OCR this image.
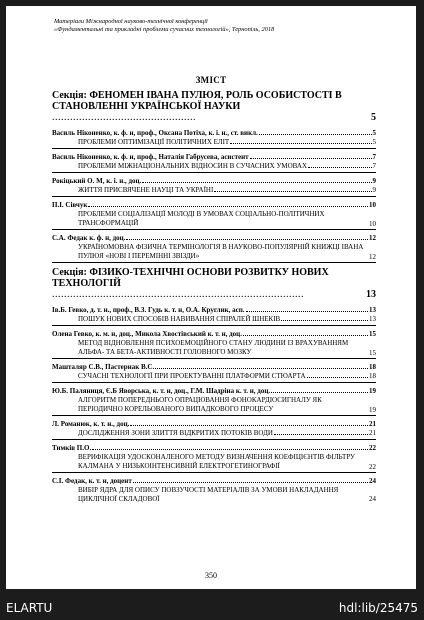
Матеріали Міжнародної науково-технічної конференції
«Фундаментальні та прикладні проблеми сучасних технологій», Тернопіль, 2018
ЗМІСТ
Секція: ФЕНОМЕН ІВАНА ПУЛЮЯ, РОЛЬ ОСОБИСТОСТІ В СТАНОВЛЕННІ УКРАЇНСЬКОЇ НАУКИ ................................................	5
Василь Ніконенко, к. ф. н, проф., Оксана Потіха, к. і. н., ст. викл.	5
ПРОБЛЕМИ ОПТИМІЗАЦІЇ ПОЛІТИЧНИХ ЕЛІТ	5
Василь Ніконенко, к. ф. н, проф., Наталія Габрусева, асистент	7
ПРОБЛЕМИ МІЖНАЦІОНАЛЬНИХ ВІДНОСИН В СУЧАСНИХ УМОВАХ	7
Рокіцький О. М, к. і. н., доц.	9
ЖИТТЯ ПРИСВЯЧЕНЕ НАУЦІ ТА УКРАЇНІ	9
П.І. Сівчук	10
ПРОБЛЕМИ СОЦІАЛІЗАЦІЇ МОЛОДІ В УМОВАХ СОЦІАЛЬНО-ПОЛІТИЧНИХ ТРАНСФОРМАЦІЙ	10
С.А. Федак к. ф. н, доц.	12
УКРАЇНОМОВНА ФІЗИЧНА ТЕРМІНОЛОГІЯ В НАУКОВО-ПОПУЛЯРНІЙ КНИЖЦІ ІВАНА ПУЛЮЯ «НОВІ І ПЕРЕМІННІ ЗВІЗДИ»	12
Секція: ФІЗИКО-ТЕХНІЧНІ ОСНОВИ РОЗВИТКУ НОВИХ ТЕХНОЛОГІЙ ....................................................................................	13
Ів.Б. Гевко, д. т. н., проф., В.З. Гудь к. т. н, О.А. Круглик, асп.	13
ПОШУК НОВИХ СПОСОБІВ НАВИВАННЯ СПІРАЛЕЙ ШНЕКІВ	13
Олена Гевко, к. м. н, доц., Микола Хвостівський к. т. н, доц.	15
МЕТОД ВІДНОВЛЕННЯ ПСИХОЕМОЦІЙНОГО СТАНУ ЛЮДИНИ ІЗ ВРАХУВАННЯМ АЛЬФА- ТА БЕТА-АКТИВНОСТІ ГОЛОВНОГО МОЗКУ	15
Машталяр С.В., Пастернак В.С.	18
СУЧАСНІ ТЕХНОЛОГІЇ ПРИ ПРОЕКТУВАННІ ПЛАТФОРМИ СТЮАРТА	18
Ю.Б. Паляниця, Є.Б Яворська, к. т. н, доц., Г.М. Шадріна к. т. н, доц.	19
АЛГОРИТМ ПОПЕРЕДНЬОГО ОПРАЦЮВАННЯ ФОНОКАРДІОСИГНАЛУ ЯК ПЕРІОДИЧНО КОРЕЛЬОВАНОГО ВИПАДКОВОГО ПРОЦЕСУ	19
Л. Романюк, к. т. н., доц.	21
ДОСЛІДЖЕННЯ ЗОНИ ЗЛИТТЯ ВІДКРИТИХ ПОТОКІВ ВОДИ	21
Тимків П.О.	22
ВЕРИФІКАЦІЯ УДОСКОНАЛЕНОГО МЕТОДУ ВИЗНАЧЕННЯ КОЕФІЦІЄНТІВ ФІЛЬТРУ КАЛМАНА У НИЗЬКОІНТЕНСИВНІЙ ЕЛЕКТРОГЕТИНОГРАФІЇ	22
С.І. Федак, к. т. н, доцент	24
ВИБІР ЯДРА ДЛЯ ОПИСУ ПОВЗУЧОСТІ МАТЕРІАЛІВ ЗА УМОВИ НАКЛАДАННЯ ЦИКЛІЧНОЇ СКЛАДОВОЇ	24
350
ELARTU	hdl:lib/25475
